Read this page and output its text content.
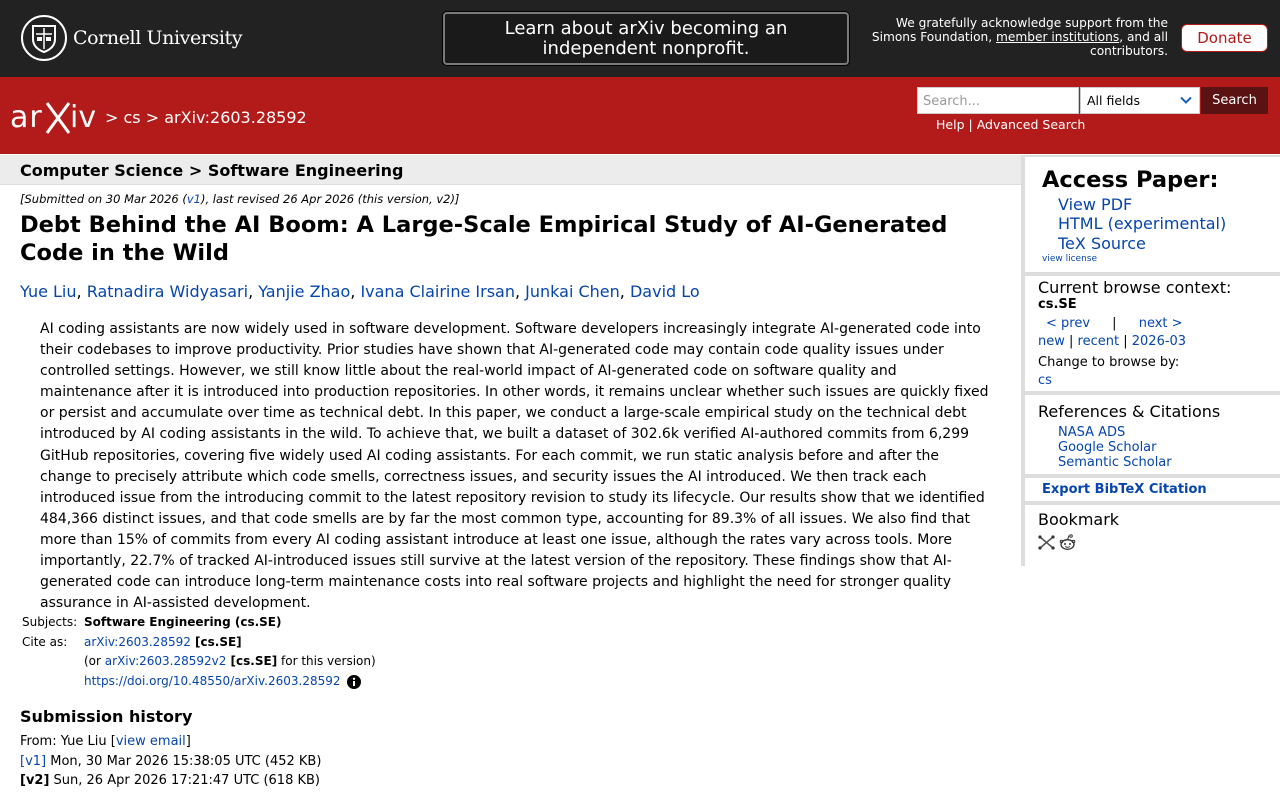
Cornell University	Learn about arXiv becoming an independent nonprofit.
We gratefully acknowledge support from the Simons Foundation, member institutions, and all contributors.
Donate
ar iv > cs > arXiv:2603.28592
Search...	All fields	Search
Help | Advanced Search
Computer Science > Software Engineering
[Submitted on 30 Mar 2026 (v1), last revised 26 Apr 2026 (this version, v2)]
Debt Behind the AI Boom: A Large-Scale Empirical Study of AI-Generated Code in the Wild
Yue Liu, Ratnadira Widyasari, Yanjie Zhao, Ivana Clairine Irsan, Junkai Chen, David Lo

AI coding assistants are now widely used in software development. Software developers increasingly integrate AI-generated code into their codebases to improve productivity. Prior studies have shown that AI-generated code may contain code quality issues under controlled settings. However, we still know little about the real-world impact of AI-generated code on software quality and maintenance after it is introduced into production repositories. In other words, it remains unclear whether such issues are quickly fixed or persist and accumulate over time as technical debt. In this paper, we conduct a large-scale empirical study on the technical debt introduced by AI coding assistants in the wild. To achieve that, we built a dataset of 302.6k verified AI-authored commits from 6,299 GitHub repositories, covering five widely used AI coding assistants. For each commit, we run static analysis before and after the change to precisely attribute which code smells, correctness issues, and security issues the AI introduced. We then track each introduced issue from the introducing commit to the latest repository revision to study its lifecycle. Our results show that we identified 484,366 distinct issues, and that code smells are by far the most common type, accounting for 89.3% of all issues. We also find that more than 15% of commits from every AI coding assistant introduce at least one issue, although the rates vary across tools. More importantly, 22.7% of tracked AI-introduced issues still survive at the latest version of the repository. These findings show that AI-generated code can introduce long-term maintenance costs into real software projects and highlight the need for stronger quality assurance in AI-assisted development.

Subjects:	Software Engineering (cs.SE)
Cite as:	arXiv:2603.28592 [cs.SE]
(or arXiv:2603.28592v2 [cs.SE] for this version)
https://doi.org/10.48550/arXiv.2603.28592
Submission history
From: Yue Liu [view email]
[v1] Mon, 30 Mar 2026 15:38:05 UTC (452 KB)
[v2] Sun, 26 Apr 2026 17:21:47 UTC (618 KB)
Access Paper:
View PDF
HTML (experimental)
TeX Source
view license
Current browse context:
cs.SE
< prev | next >
new | recent | 2026-03
Change to browse by:
cs
References & Citations
NASA ADS
Google Scholar
Semantic Scholar
Export BibTeX Citation
Bookmark
